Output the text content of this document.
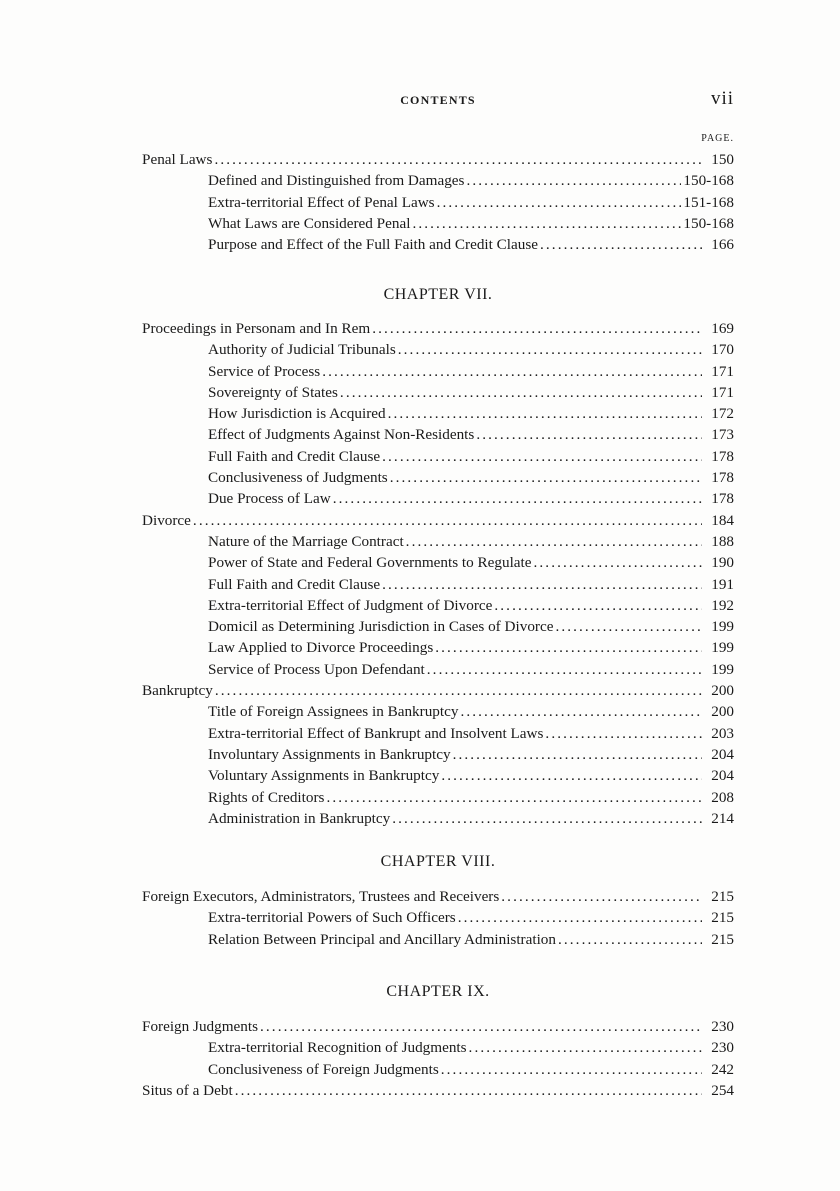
CONTENTS	vii
PAGE.
Penal Laws .....	150
Defined and Distinguished from Damages .....	150-168
Extra-territorial Effect of Penal Laws .....	151-168
What Laws are Considered Penal .....	150-168
Purpose and Effect of the Full Faith and Credit Clause .....	166
CHAPTER VII.
Proceedings in Personam and In Rem .....	169
Authority of Judicial Tribunals .....	170
Service of Process .....	171
Sovereignty of States .....	171
How Jurisdiction is Acquired .....	172
Effect of Judgments Against Non-Residents .....	173
Full Faith and Credit Clause .....	178
Conclusiveness of Judgments .....	178
Due Process of Law .....	178
Divorce .....	184
Nature of the Marriage Contract .....	188
Power of State and Federal Governments to Regulate .....	190
Full Faith and Credit Clause .....	191
Extra-territorial Effect of Judgment of Divorce .....	192
Domicil as Determining Jurisdiction in Cases of Divorce .....	199
Law Applied to Divorce Proceedings .....	199
Service of Process Upon Defendant .....	199
Bankruptcy .....	200
Title of Foreign Assignees in Bankruptcy .....	200
Extra-territorial Effect of Bankrupt and Insolvent Laws .....	203
Involuntary Assignments in Bankruptcy .....	204
Voluntary Assignments in Bankruptcy .....	204
Rights of Creditors .....	208
Administration in Bankruptcy .....	214
CHAPTER VIII.
Foreign Executors, Administrators, Trustees and Receivers .....	215
Extra-territorial Powers of Such Officers .....	215
Relation Between Principal and Ancillary Administration .....	215
CHAPTER IX.
Foreign Judgments .....	230
Extra-territorial Recognition of Judgments .....	230
Conclusiveness of Foreign Judgments .....	242
Situs of a Debt .....	254
